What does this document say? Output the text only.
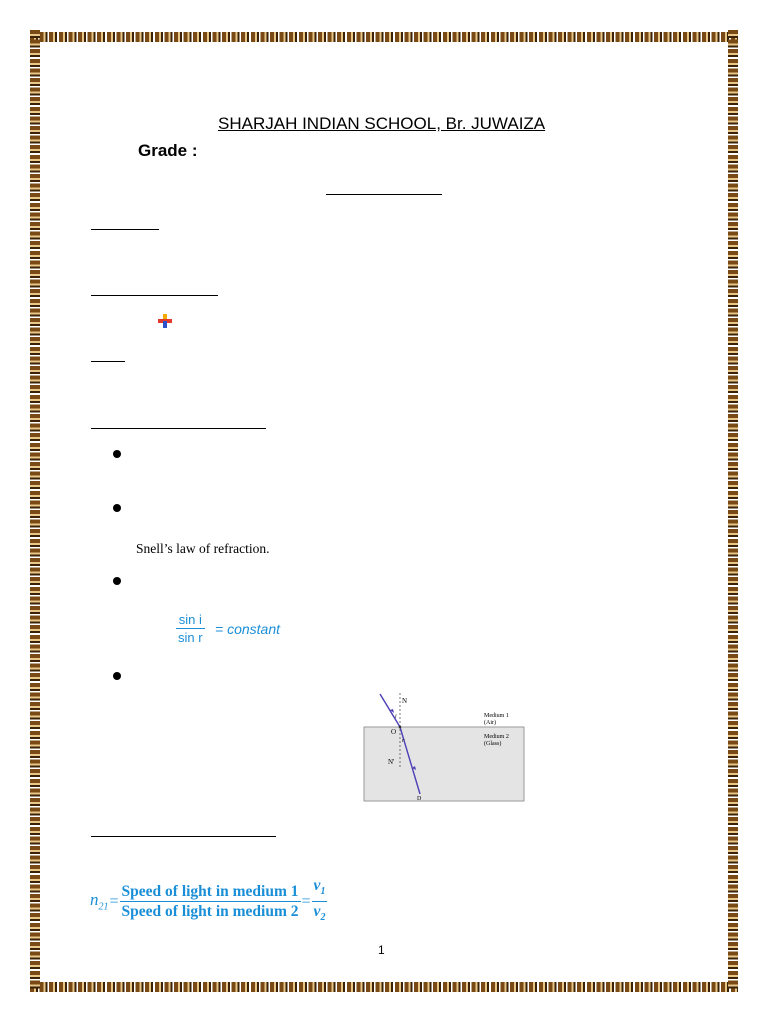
SHARJAH INDIAN SCHOOL, Br. JUWAIZA
Grade :
Snell’s law of refraction.
$\frac{\text{sin i}}{\text{sin r}}$ = constant
N
i
O
r
N'
D
Medium 1
(Air)
Medium 2
(Glass)
$n_{21}= \frac{\text{Speed of light in medium 1}}{\text{Speed of light in medium 2}} = \frac{v_1}{v_2}$
1
